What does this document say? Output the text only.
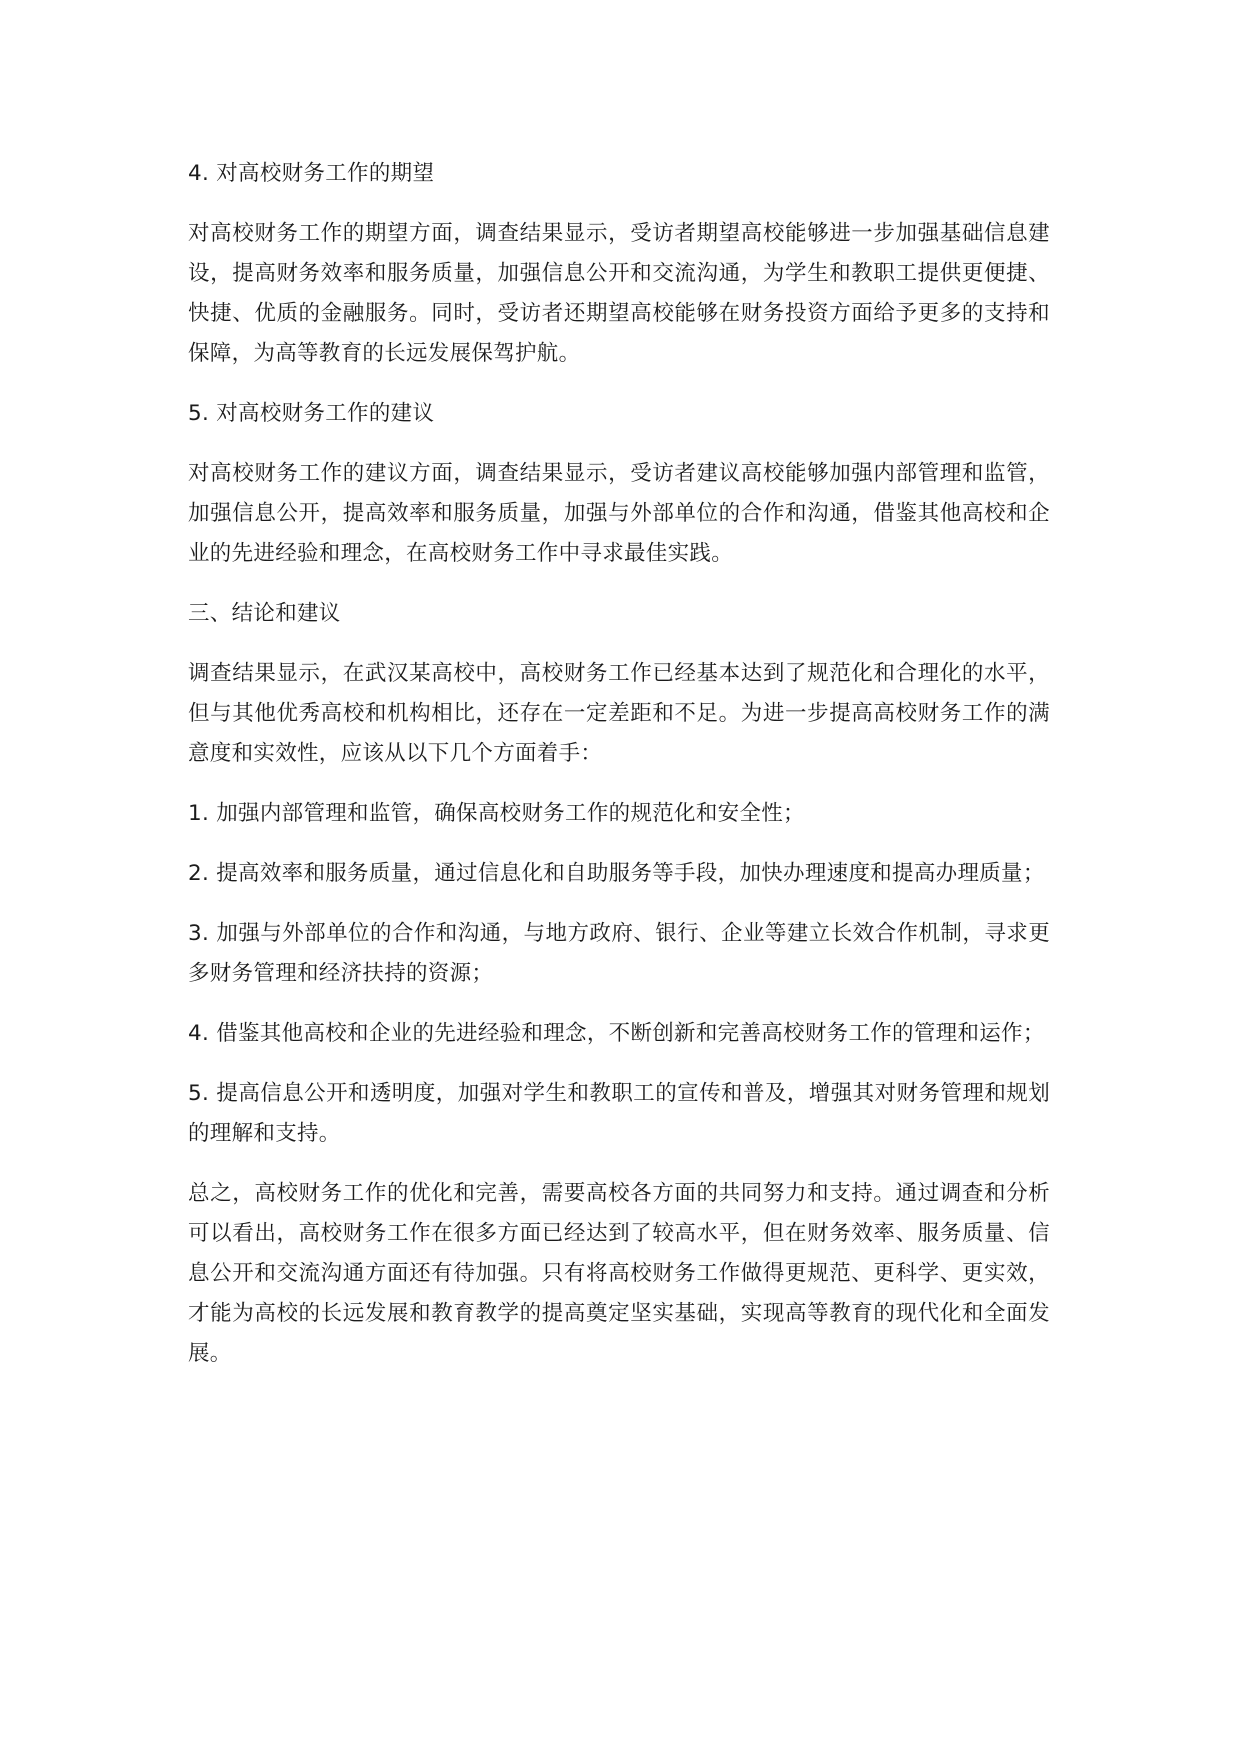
4. 对高校财务工作的期望

对高校财务工作的期望方面，调查结果显示，受访者期望高校能够进一步加强基础信息建设，提高财务效率和服务质量，加强信息公开和交流沟通，为学生和教职工提供更便捷、快捷、优质的金融服务。同时，受访者还期望高校能够在财务投资方面给予更多的支持和保障，为高等教育的长远发展保驾护航。

5. 对高校财务工作的建议

对高校财务工作的建议方面，调查结果显示，受访者建议高校能够加强内部管理和监管，加强信息公开，提高效率和服务质量，加强与外部单位的合作和沟通，借鉴其他高校和企业的先进经验和理念，在高校财务工作中寻求最佳实践。

三、结论和建议

调查结果显示，在武汉某高校中，高校财务工作已经基本达到了规范化和合理化的水平，但与其他优秀高校和机构相比，还存在一定差距和不足。为进一步提高高校财务工作的满意度和实效性，应该从以下几个方面着手：

1. 加强内部管理和监管，确保高校财务工作的规范化和安全性；

2. 提高效率和服务质量，通过信息化和自助服务等手段，加快办理速度和提高办理质量；

3. 加强与外部单位的合作和沟通，与地方政府、银行、企业等建立长效合作机制，寻求更多财务管理和经济扶持的资源；

4. 借鉴其他高校和企业的先进经验和理念，不断创新和完善高校财务工作的管理和运作；

5. 提高信息公开和透明度，加强对学生和教职工的宣传和普及，增强其对财务管理和规划的理解和支持。

总之，高校财务工作的优化和完善，需要高校各方面的共同努力和支持。通过调查和分析可以看出，高校财务工作在很多方面已经达到了较高水平，但在财务效率、服务质量、信息公开和交流沟通方面还有待加强。只有将高校财务工作做得更规范、更科学、更实效，才能为高校的长远发展和教育教学的提高奠定坚实基础，实现高等教育的现代化和全面发展。
